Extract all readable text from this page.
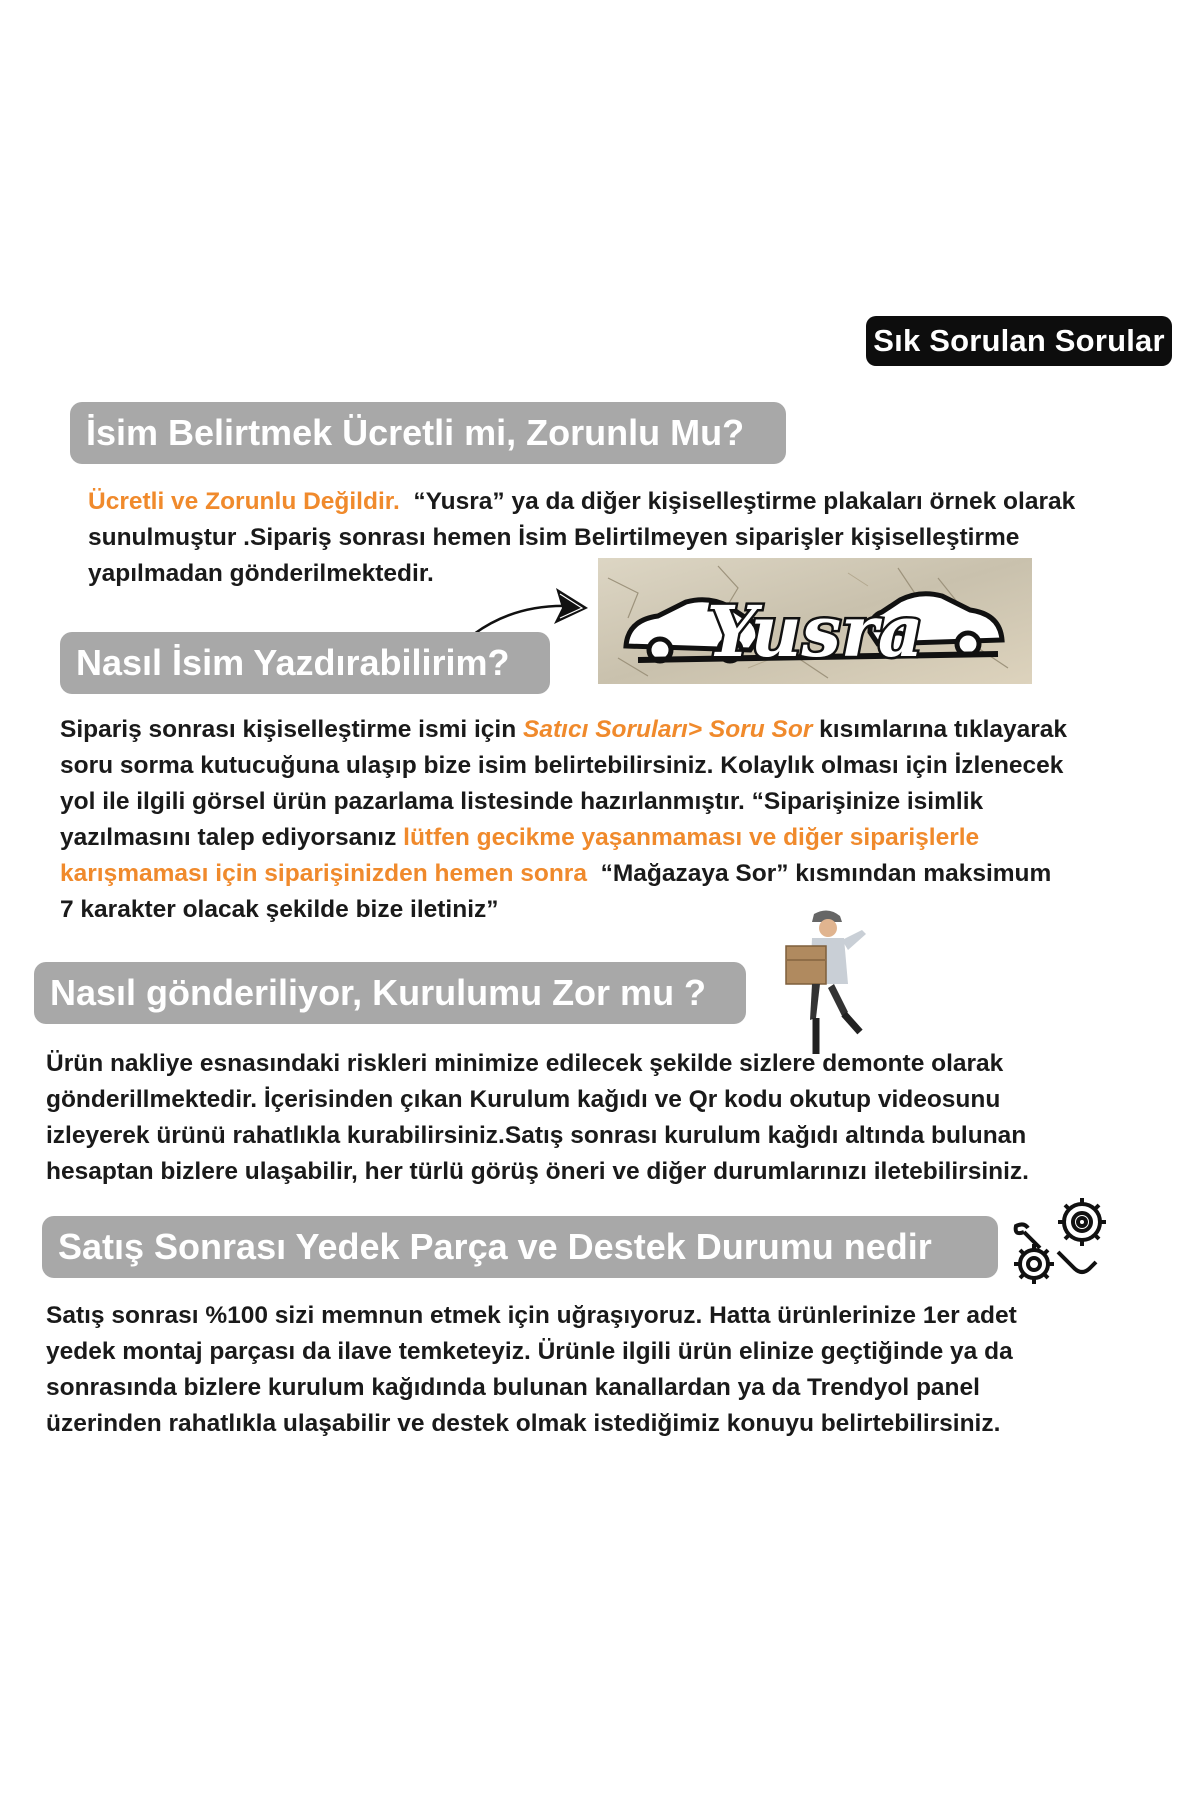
Sık Sorulan Sorular
İsim Belirtmek Ücretli mi, Zorunlu Mu?
Ücretli ve Zorunlu Değildir. “Yusra” ya da diğer kişiselleştirme plakaları örnek olarak
sunulmuştur .Sipariş sonrası hemen İsim Belirtilmeyen siparişler kişiselleştirme
yapılmadan gönderilmektedir.
Yusra
Nasıl İsim Yazdırabilirim?
Sipariş sonrası kişiselleştirme ismi için Satıcı Soruları> Soru Sor kısımlarına tıklayarak
soru sorma kutucuğuna ulaşıp bize isim belirtebilirsiniz. Kolaylık olması için İzlenecek
yol ile ilgili görsel ürün pazarlama listesinde hazırlanmıştır. “Siparişinize isimlik
yazılmasını talep ediyorsanız lütfen gecikme yaşanmaması ve diğer siparişlerle
karışmaması için siparişinizden hemen sonra “Mağazaya Sor” kısmından maksimum
7 karakter olacak şekilde bize iletiniz”
Nasıl gönderiliyor, Kurulumu Zor mu ?
Ürün nakliye esnasındaki riskleri minimize edilecek şekilde sizlere demonte olarak
gönderillmektedir. İçerisinden çıkan Kurulum kağıdı ve Qr kodu okutup videosunu
izleyerek ürünü rahatlıkla kurabilirsiniz.Satış sonrası kurulum kağıdı altında bulunan
hesaptan bizlere ulaşabilir, her türlü görüş öneri ve diğer durumlarınızı iletebilirsiniz.
Satış Sonrası Yedek Parça ve Destek Durumu nedir
Satış sonrası %100 sizi memnun etmek için uğraşıyoruz. Hatta ürünlerinize 1er adet
yedek montaj parçası da ilave temketeyiz. Ürünle ilgili ürün elinize geçtiğinde ya da
sonrasında bizlere kurulum kağıdında bulunan kanallardan ya da Trendyol panel
üzerinden rahatlıkla ulaşabilir ve destek olmak istediğimiz konuyu belirtebilirsiniz.
